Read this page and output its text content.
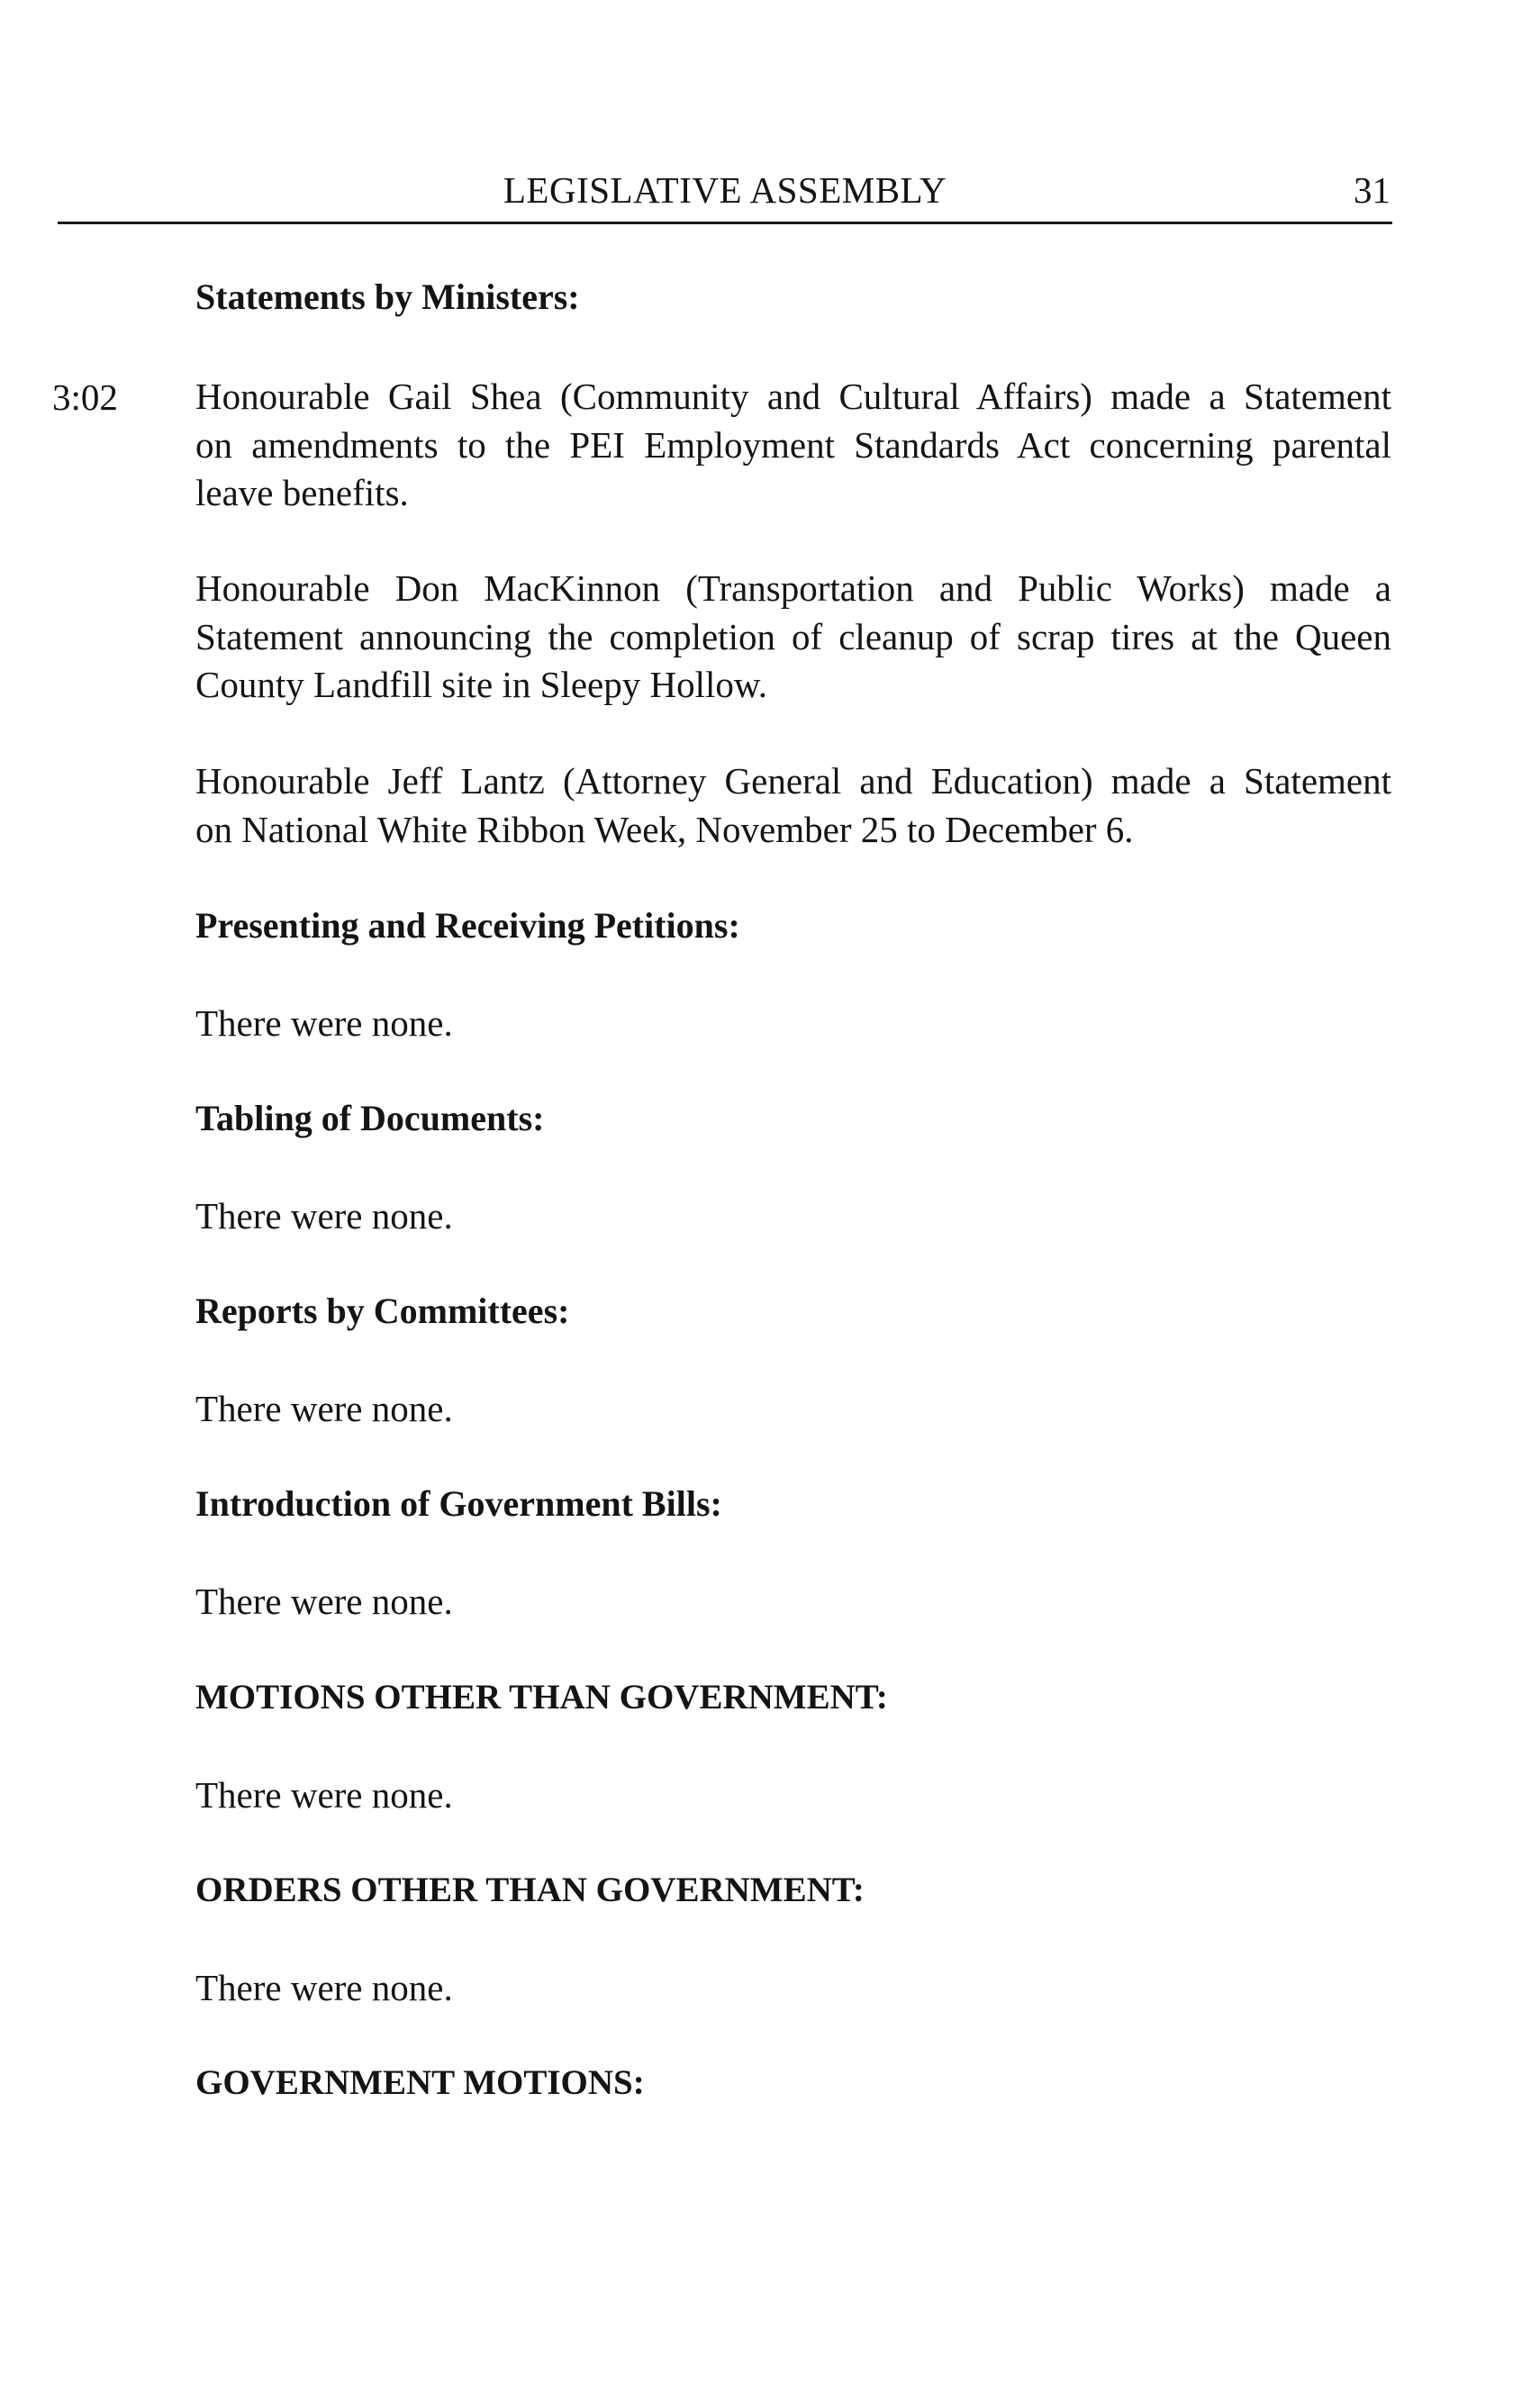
LEGISLATIVE ASSEMBLY	31
Statements by Ministers:
3:02 Honourable Gail Shea (Community and Cultural Affairs) made a Statement
on amendments to the PEI Employment Standards Act concerning parental
leave benefits.
Honourable Don MacKinnon (Transportation and Public Works) made a
Statement announcing the completion of cleanup of scrap tires at the Queen
County Landfill site in Sleepy Hollow.
Honourable Jeff Lantz (Attorney General and Education) made a Statement
on National White Ribbon Week, November 25 to December 6.
Presenting and Receiving Petitions:
There were none.
Tabling of Documents:
There were none.
Reports by Committees:
There were none.
Introduction of Government Bills:
There were none.
MOTIONS OTHER THAN GOVERNMENT:
There were none.
ORDERS OTHER THAN GOVERNMENT:
There were none.
GOVERNMENT MOTIONS:
